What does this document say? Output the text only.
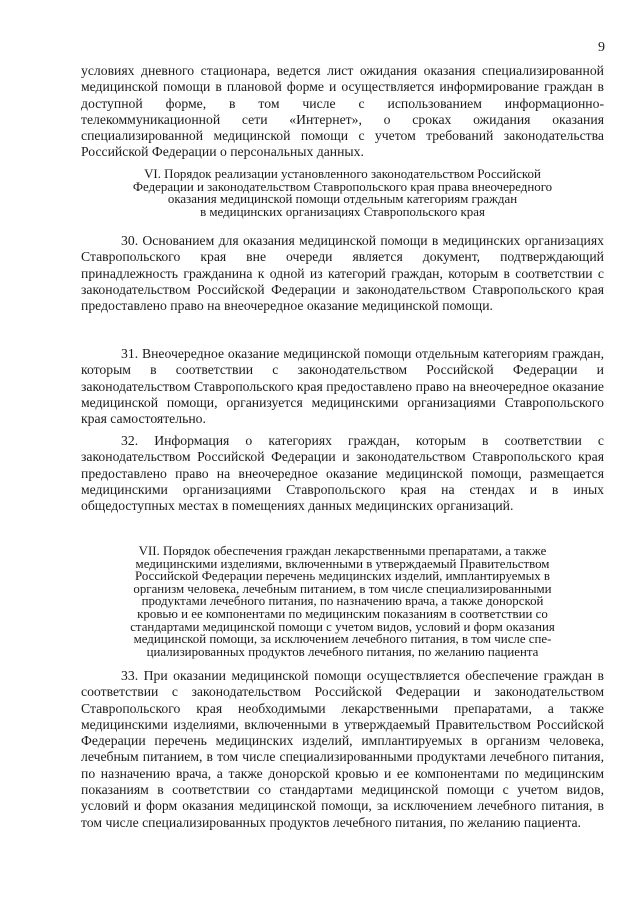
9

условиях дневного стационара, ведется лист ожидания оказания специализированной медицинской помощи в плановой форме и осуществляется информирование граждан в доступной форме, в том числе с использованием информационно-телекоммуникационной сети «Интернет», о сроках ожидания оказания специализированной медицинской помощи с учетом требований законодательства Российской Федерации о персональных данных.

VI. Порядок реализации установленного законодательством Российской
Федерации и законодательством Ставропольского края права внеочередного
оказания медицинской помощи отдельным категориям граждан
в медицинских организациях Ставропольского края

30. Основанием для оказания медицинской помощи в медицинских организациях Ставропольского края вне очереди является документ, подтверждающий принадлежность гражданина к одной из категорий граждан, которым в соответствии с законодательством Российской Федерации и законодательством Ставропольского края предоставлено право на внеочередное оказание медицинской помощи.

31. Внеочередное оказание медицинской помощи отдельным категориям граждан, которым в соответствии с законодательством Российской Федерации и законодательством Ставропольского края предоставлено право на внеочередное оказание медицинской помощи, организуется медицинскими организациями Ставропольского края самостоятельно.

32. Информация о категориях граждан, которым в соответствии с законодательством Российской Федерации и законодательством Ставропольского края предоставлено право на внеочередное оказание медицинской помощи, размещается медицинскими организациями Ставропольского края на стендах и в иных общедоступных местах в помещениях данных медицинских организаций.

VII. Порядок обеспечения граждан лекарственными препаратами, а также
медицинскими изделиями, включенными в утверждаемый Правительством
Российской Федерации перечень медицинских изделий, имплантируемых в
организм человека, лечебным питанием, в том числе специализированными
продуктами лечебного питания, по назначению врача, а также донорской
кровью и ее компонентами по медицинским показаниям в соответствии со
стандартами медицинской помощи с учетом видов, условий и форм оказания
медицинской помощи, за исключением лечебного питания, в том числе спе-
циализированных продуктов лечебного питания, по желанию пациента

33. При оказании медицинской помощи осуществляется обеспечение граждан в соответствии с законодательством Российской Федерации и законодательством Ставропольского края необходимыми лекарственными препаратами, а также медицинскими изделиями, включенными в утверждаемый Правительством Российской Федерации перечень медицинских изделий, имплантируемых в организм человека, лечебным питанием, в том числе специализированными продуктами лечебного питания, по назначению врача, а также донорской кровью и ее компонентами по медицинским показаниям в соответствии со стандартами медицинской помощи с учетом видов, условий и форм оказания медицинской помощи, за исключением лечебного питания, в том числе специализированных продуктов лечебного питания, по желанию пациента.
